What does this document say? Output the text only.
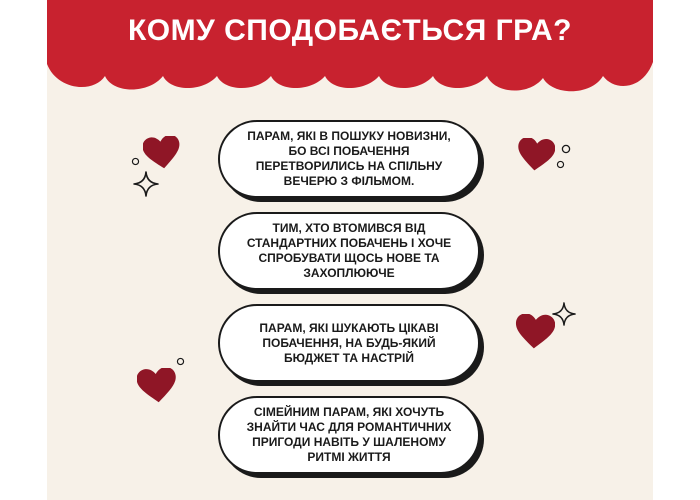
КОМУ СПОДОБАЄТЬСЯ ГРА?
ПАРАМ, ЯКІ В ПОШУКУ НОВИЗНИ, БО ВСІ ПОБАЧЕННЯ ПЕРЕТВОРИЛИСЬ НА СПІЛЬНУ ВЕЧЕРЮ З ФІЛЬМОМ.
ТИМ, ХТО ВТОМИВСЯ ВІД СТАНДАРТНИХ ПОБАЧЕНЬ І ХОЧЕ СПРОБУВАТИ ЩОСЬ НОВЕ ТА ЗАХОПЛЮЮЧЕ
ПАРАМ, ЯКІ ШУКАЮТЬ ЦІКАВІ ПОБАЧЕННЯ, НА БУДЬ-ЯКИЙ БЮДЖЕТ ТА НАСТРІЙ
СІМЕЙНИМ ПАРАМ, ЯКІ ХОЧУТЬ ЗНАЙТИ ЧАС ДЛЯ РОМАНТИЧНИХ ПРИГОДИ НАВІТЬ У ШАЛЕНОМУ РИТМІ ЖИТТЯ
